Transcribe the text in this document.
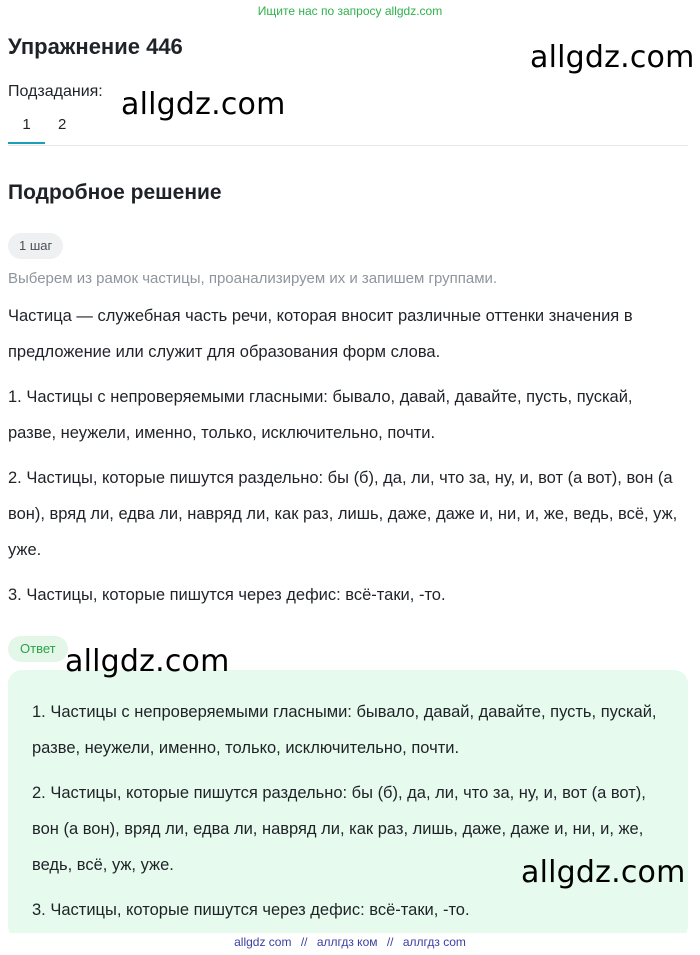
Ищите нас по запросу allgdz.com
Упражнение 446
Подзадания:
1	2
Подробное решение
1 шаг
Выберем из рамок частицы, проанализируем их и запишем группами.

Частица — служебная часть речи, которая вносит различные оттенки значения в предложение или служит для образования форм слова.

1. Частицы с непроверяемыми гласными: бывало, давай, давайте, пусть, пускай, разве, неужели, именно, только, исключительно, почти.

2. Частицы, которые пишутся раздельно: бы (б), да, ли, что за, ну, и, вот (а вот), вон (а вон), вряд ли, едва ли, навряд ли, как раз, лишь, даже, даже и, ни, и, же, ведь, всё, уж, уже.

3. Частицы, которые пишутся через дефис: всё-таки, -то.

Ответ

1. Частицы с непроверяемыми гласными: бывало, давай, давайте, пусть, пускай, разве, неужели, именно, только, исключительно, почти.

2. Частицы, которые пишутся раздельно: бы (б), да, ли, что за, ну, и, вот (а вот), вон (а вон), вряд ли, едва ли, навряд ли, как раз, лишь, даже, даже и, ни, и, же, ведь, всё, уж, уже.

3. Частицы, которые пишутся через дефис: всё-таки, -то.

allgdz.com
allgdz.com
allgdz.com
allgdz.com
allgdz com // аллгдз ком // аллгдз com
